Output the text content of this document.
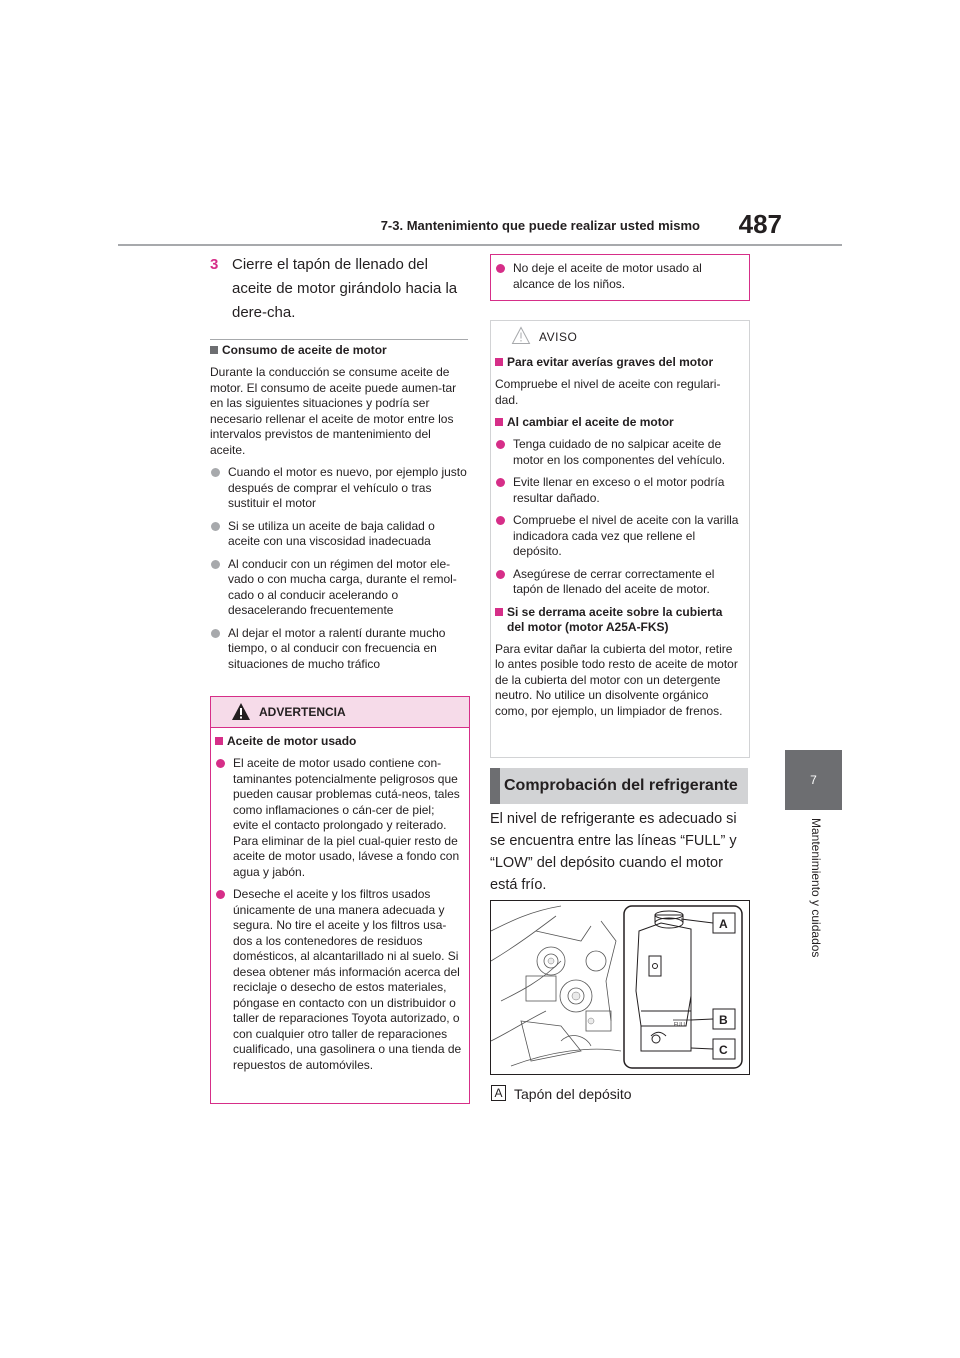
7-3. Mantenimiento que puede realizar usted mismo	487
7
Mantenimiento y cuidados
3 Cierre el tapón de llenado del aceite de motor girándolo hacia la dere-cha.
Consumo de aceite de motor
Durante la conducción se consume aceite de motor. El consumo de aceite puede aumen-tar en las siguientes situaciones y podría ser necesario rellenar el aceite de motor entre los intervalos previstos de mantenimiento del aceite.
Cuando el motor es nuevo, por ejemplo justo después de comprar el vehículo o tras sustituir el motor
Si se utiliza un aceite de baja calidad o aceite con una viscosidad inadecuada
Al conducir con un régimen del motor ele-vado o con mucha carga, durante el remol-cado o al conducir acelerando o desacelerando frecuentemente
Al dejar el motor a ralentí durante mucho tiempo, o al conducir con frecuencia en situaciones de mucho tráfico
ADVERTENCIA
Aceite de motor usado
El aceite de motor usado contiene con-taminantes potencialmente peligrosos que pueden causar problemas cutá-neos, tales como inflamaciones o cán-cer de piel; evite el contacto prolongado y reiterado. Para eliminar de la piel cual-quier resto de aceite de motor usado, lávese a fondo con agua y jabón.
Deseche el aceite y los filtros usados únicamente de una manera adecuada y segura. No tire el aceite y los filtros usa-dos a los contenedores de residuos domésticos, al alcantarillado ni al suelo. Si desea obtener más información acerca del reciclaje o desecho de estos materiales, póngase en contacto con un distribuidor o taller de reparaciones Toyota autorizado, o con cualquier otro taller de reparaciones cualificado, una gasolinera o una tienda de repuestos de automóviles.
No deje el aceite de motor usado al alcance de los niños.
AVISO
Para evitar averías graves del motor
Compruebe el nivel de aceite con regulari-dad.
Al cambiar el aceite de motor
Tenga cuidado de no salpicar aceite de motor en los componentes del vehículo.
Evite llenar en exceso o el motor podría resultar dañado.
Compruebe el nivel de aceite con la varilla indicadora cada vez que rellene el depósito.
Asegúrese de cerrar correctamente el tapón de llenado del aceite de motor.
Si se derrama aceite sobre la cubierta del motor (motor A25A-FKS)
Para evitar dañar la cubierta del motor, retire lo antes posible todo resto de aceite de motor de la cubierta del motor con un detergente neutro. No utilice un disolvente orgánico como, por ejemplo, un limpiador de frenos.
Comprobación del refrigerante
El nivel de refrigerante es adecuado si se encuentra entre las líneas “FULL” y “LOW” del depósito cuando el motor está frío.
FULL
A
B
C
A Tapón del depósito
